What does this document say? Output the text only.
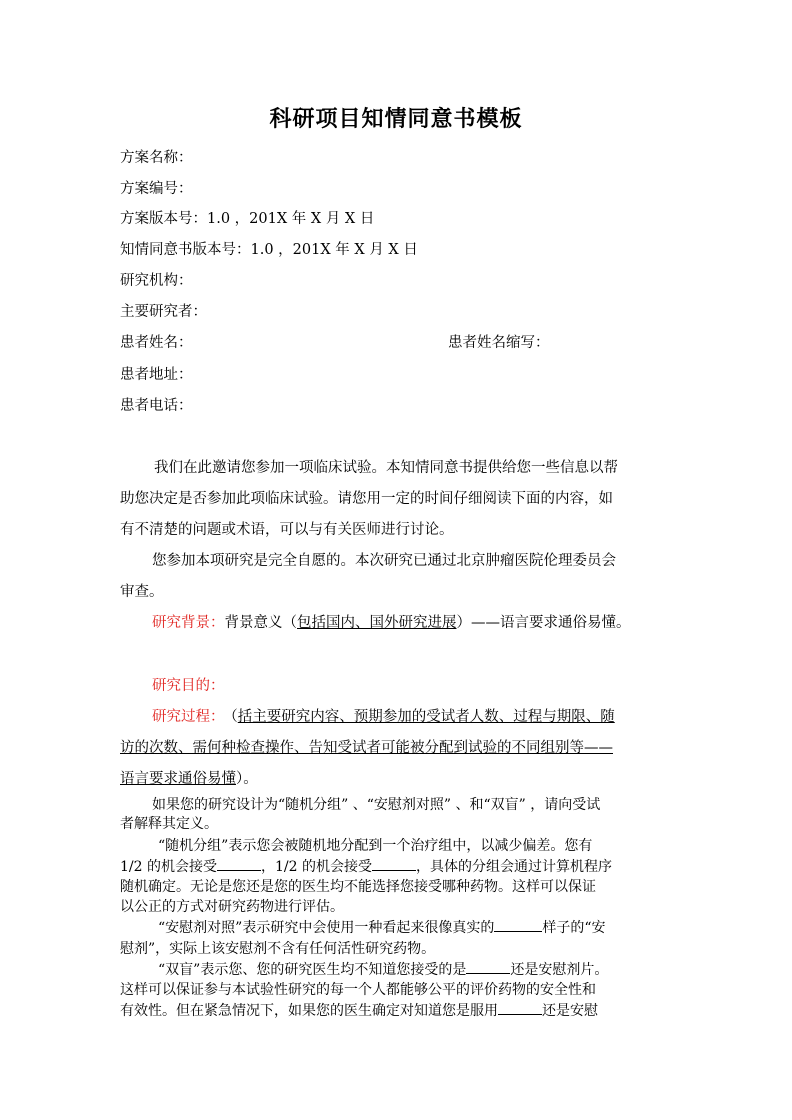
科研项目知情同意书模板
方案名称：
方案编号：
方案版本号：1.0 ，201X 年 X 月 X 日
知情同意书版本号：1.0 ，201X 年 X 月 X 日
研究机构：
主要研究者：
患者姓名：	患者姓名缩写：
患者地址：
患者电话：
我们在此邀请您参加一项临床试验。本知情同意书提供给您一些信息以帮
助您决定是否参加此项临床试验。请您用一定的时间仔细阅读下面的内容，如
有不清楚的问题或术语，可以与有关医师进行讨论。
您参加本项研究是完全自愿的。本次研究已通过北京肿瘤医院伦理委员会
审查。
研究背景：背景意义（包括国内、国外研究进展）——语言要求通俗易懂。
研究目的：
研究过程： （括主要研究内容、预期参加的受试者人数、过程与期限、随
访的次数、需何种检查操作、告知受试者可能被分配到试验的不同组别等——
语言要求通俗易懂）。
如果您的研究设计为“随机分组” 、“安慰剂对照” 、和“双盲” ，请向受试
者解释其定义。
“随机分组”表示您会被随机地分配到一个治疗组中，以减少偏差。您有
1/2 的机会接受	，1/2 的机会接受	，具体的分组会通过计算机程序
随机确定。无论是您还是您的医生均不能选择您接受哪种药物。这样可以保证
以公正的方式对研究药物进行评估。
“安慰剂对照”表示研究中会使用一种看起来很像真实的	样子的“安
慰剂”，实际上该安慰剂不含有任何活性研究药物。
“双盲”表示您、您的研究医生均不知道您接受的是	还是安慰剂片。
这样可以保证参与本试验性研究的每一个人都能够公平的评价药物的安全性和
有效性。但在紧急情况下，如果您的医生确定对知道您是服用	还是安慰
